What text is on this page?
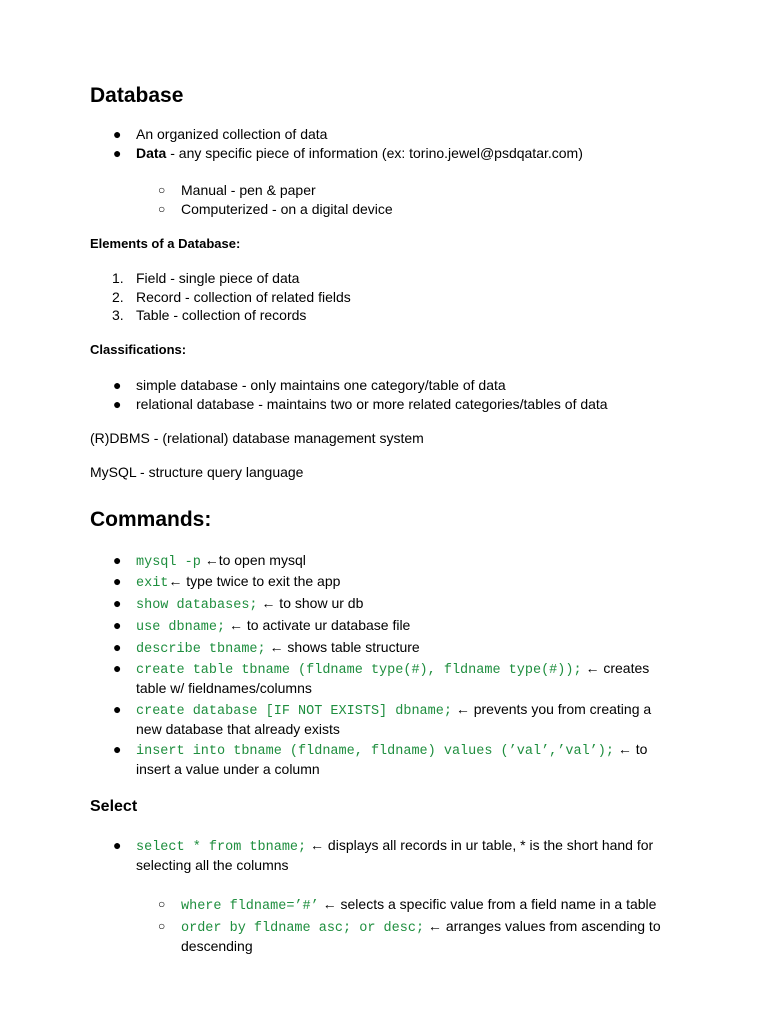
Database
● An organized collection of data
● Data - any specific piece of information (ex: torino.jewel@psdqatar.com)
○ Manual - pen & paper
○ Computerized - on a digital device
Elements of a Database:
1. Field - single piece of data
2. Record - collection of related fields
3. Table - collection of records
Classifications:
● simple database - only maintains one category/table of data
● relational database - maintains two or more related categories/tables of data
(R)DBMS - (relational) database management system
MySQL - structure query language
Commands:
● mysql -p ←to open mysql
● exit← type twice to exit the app
● show databases; ← to show ur db
● use dbname; ← to activate ur database file
● describe tbname; ← shows table structure
● create table tbname (fldname type(#), fldname type(#)); ← creates
table w/ fieldnames/columns
● create database [IF NOT EXISTS] dbname; ← prevents you from creating a
new database that already exists
● insert into tbname (fldname, fldname) values (’val’,’val’); ← to
insert a value under a column
Select
● select * from tbname; ← displays all records in ur table, * is the short hand for
selecting all the columns
○ where fldname=’#’ ← selects a specific value from a field name in a table
○ order by fldname asc; or desc; ← arranges values from ascending to
descending
